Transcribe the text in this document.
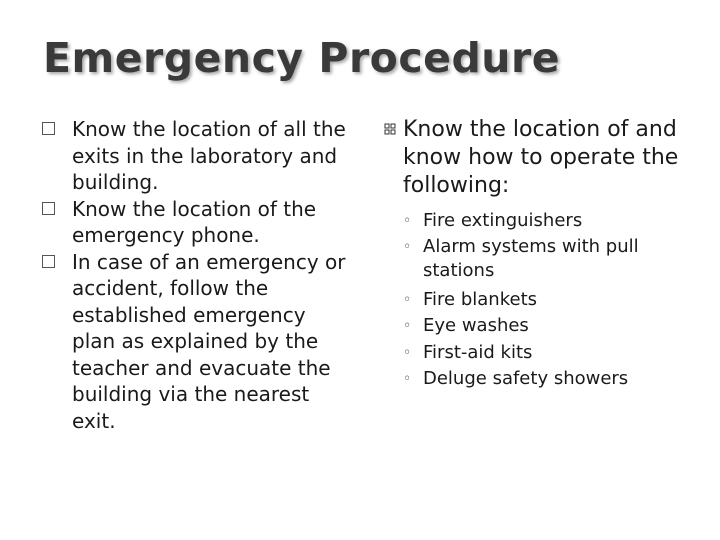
Emergency Procedure
Know the location of all the exits in the laboratory and building.
Know the location of the emergency phone.
In case of an emergency or accident, follow the established emergency plan as explained by the teacher and evacuate the building via the nearest exit.
Know the location of and know how to operate the following:
◦ Fire extinguishers
◦ Alarm systems with pull stations
◦ Fire blankets
◦ Eye washes
◦ First-aid kits
◦ Deluge safety showers
